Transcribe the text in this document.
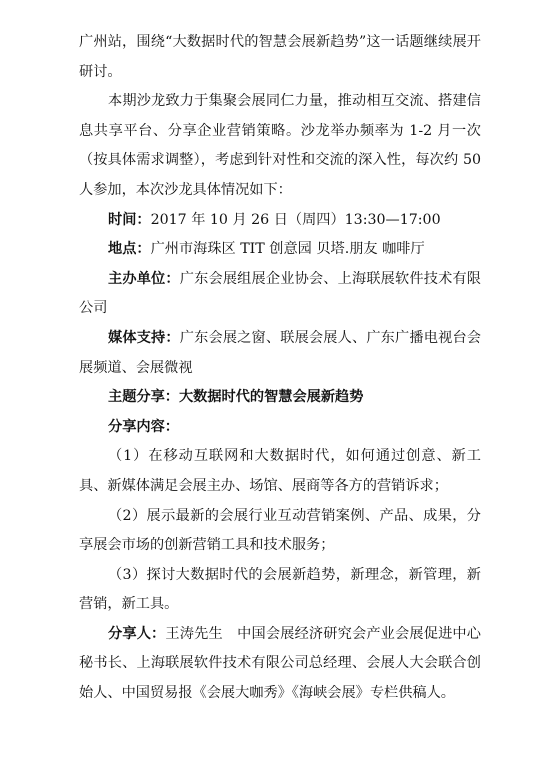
广州站，围绕“大数据时代的智慧会展新趋势”这一话题继续展开研讨。

本期沙龙致力于集聚会展同仁力量，推动相互交流、搭建信息共享平台、分享企业营销策略。沙龙举办频率为 1-2 月一次（按具体需求调整），考虑到针对性和交流的深入性，每次约 50 人参加，本次沙龙具体情况如下：

时间：2017 年 10 月 26 日（周四）13:30—17:00

地点：广州市海珠区 TIT 创意园 贝塔.朋友 咖啡厅

主办单位：广东会展组展企业协会、上海联展软件技术有限公司

媒体支持：广东会展之窗、联展会展人、广东广播电视台会展频道、会展微视

主题分享：大数据时代的智慧会展新趋势

分享内容：

（1）在移动互联网和大数据时代，如何通过创意、新工具、新媒体满足会展主办、场馆、展商等各方的营销诉求；

（2）展示最新的会展行业互动营销案例、产品、成果，分享展会市场的创新营销工具和技术服务；

（3）探讨大数据时代的会展新趋势，新理念，新管理，新营销，新工具。

分享人：王涛先生　中国会展经济研究会产业会展促进中心秘书长、上海联展软件技术有限公司总经理、会展人大会联合创始人、中国贸易报《会展大咖秀》《海峡会展》专栏供稿人。
